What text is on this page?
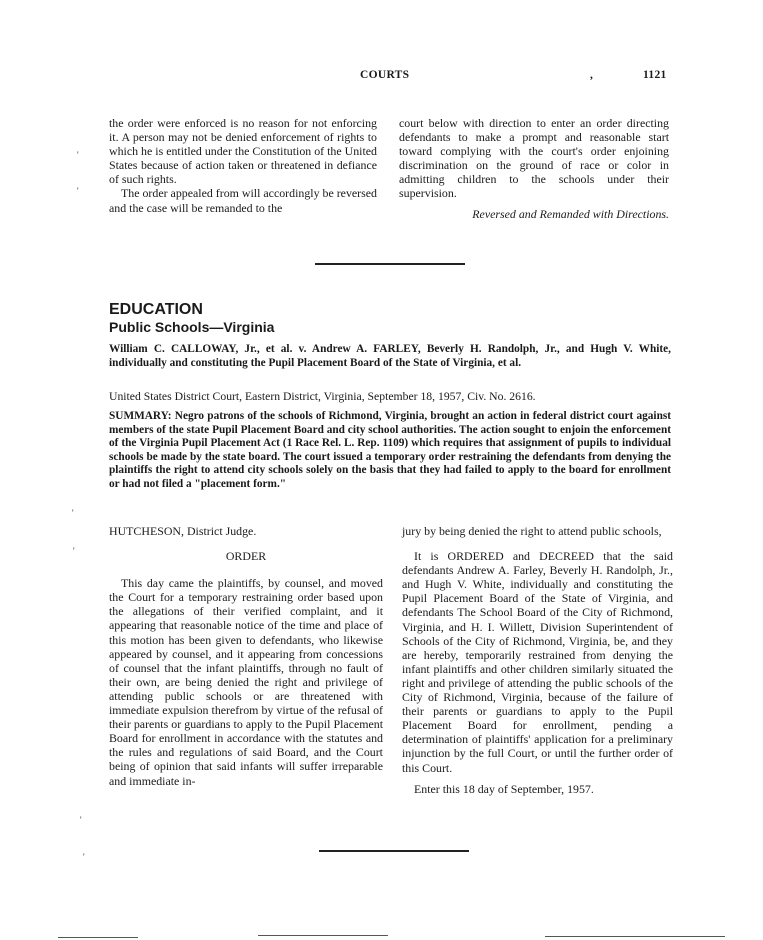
COURTS	,	1121

the order were enforced is no reason for not enforcing it. A person may not be denied enforcement of rights to which he is entitled under the Constitution of the United States because of action taken or threatened in defiance of such rights.

The order appealed from will accordingly be reversed and the case will be remanded to the

court below with direction to enter an order directing defendants to make a prompt and reasonable start toward complying with the court's order enjoining discrimination on the ground of race or color in admitting children to the schools under their supervision.

Reversed and Remanded with Directions.

EDUCATION
Public Schools—Virginia
William C. CALLOWAY, Jr., et al. v. Andrew A. FARLEY, Beverly H. Randolph, Jr., and Hugh V. White, individually and constituting the Pupil Placement Board of the State of Virginia, et al.
United States District Court, Eastern District, Virginia, September 18, 1957, Civ. No. 2616.
SUMMARY: Negro patrons of the schools of Richmond, Virginia, brought an action in federal district court against members of the state Pupil Placement Board and city school authorities. The action sought to enjoin the enforcement of the Virginia Pupil Placement Act (1 Race Rel. L. Rep. 1109) which requires that assignment of pupils to individual schools be made by the state board. The court issued a temporary order restraining the defendants from denying the plaintiffs the right to attend city schools solely on the basis that they had failed to apply to the board for enrollment or had not filed a "placement form."

HUTCHESON, District Judge.

ORDER

This day came the plaintiffs, by counsel, and moved the Court for a temporary restraining order based upon the allegations of their verified complaint, and it appearing that reasonable notice of the time and place of this motion has been given to defendants, who likewise appeared by counsel, and it appearing from concessions of counsel that the infant plaintiffs, through no fault of their own, are being denied the right and privilege of attending public schools or are threatened with immediate expulsion therefrom by virtue of the refusal of their parents or guardians to apply to the Pupil Placement Board for enrollment in accordance with the statutes and the rules and regulations of said Board, and the Court being of opinion that said infants will suffer irreparable and immediate in-

jury by being denied the right to attend public schools,

It is ORDERED and DECREED that the said defendants Andrew A. Farley, Beverly H. Randolph, Jr., and Hugh V. White, individually and constituting the Pupil Placement Board of the State of Virginia, and defendants The School Board of the City of Richmond, Virginia, and H. I. Willett, Division Superintendent of Schools of the City of Richmond, Virginia, be, and they are hereby, temporarily restrained from denying the infant plaintiffs and other children similarly situated the right and privilege of attending the public schools of the City of Richmond, Virginia, because of the failure of their parents or guardians to apply to the Pupil Placement Board for enrollment, pending a determination of plaintiffs' application for a preliminary injunction by the full Court, or until the further order of this Court.

Enter this 18 day of September, 1957.

'
'
'
'
'
'
